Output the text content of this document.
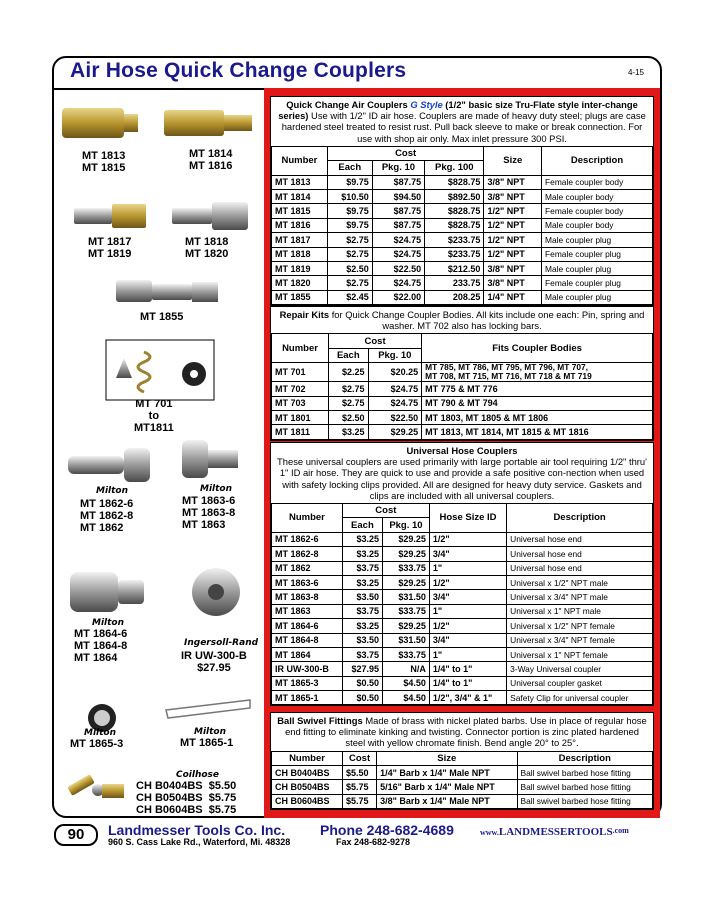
Air Hose Quick Change Couplers	4-15
MT 1813
MT 1815
MT 1814
MT 1816
MT 1817
MT 1819
MT 1818
MT 1820
MT 1855
MT 701
to
MT1811
Milton
MT 1862-6
MT 1862-8
MT 1862
Milton
MT 1863-6
MT 1863-8
MT 1863
Milton
MT 1864-6
MT 1864-8
MT 1864
Ingersoll-Rand
IR UW-300-B
$27.95
Milton
MT 1865-3
Milton
MT 1865-1
Coilhose
CH B0404BS  $5.50
CH B0504BS  $5.75
CH B0604BS  $5.75
Quick Change Air Couplers G Style (1/2" basic size Tru-Flate style inter-change series) Use with 1/2" ID air hose. Couplers are made of heavy duty steel; plugs are case hardened steel treated to resist rust. Pull back sleeve to make or break connection. For use with shop air only. Max inlet pressure 300 PSI.
Number	Cost			Size	Description
	Each	Pkg. 10	Pkg. 100		
MT 1813	$9.75	$87.75	$828.75	3/8" NPT	Female coupler body
MT 1814	$10.50	$94.50	$892.50	3/8" NPT	Male coupler body
MT 1815	$9.75	$87.75	$828.75	1/2" NPT	Female coupler body
MT 1816	$9.75	$87.75	$828.75	1/2" NPT	Male coupler body
MT 1817	$2.75	$24.75	$233.75	1/2" NPT	Male coupler plug
MT 1818	$2.75	$24.75	$233.75	1/2" NPT	Female coupler plug
MT 1819	$2.50	$22.50	$212.50	3/8" NPT	Male coupler plug
MT 1820	$2.75	$24.75	233.75	3/8" NPT	Female coupler plug
MT 1855	$2.45	$22.00	208.25	1/4" NPT	Male coupler plug
Repair Kits for Quick Change Coupler Bodies. All kits include one each: Pin, spring and washer. MT 702 also has locking bars.
Number	Cost		Fits Coupler Bodies
	Each	Pkg. 10	
MT 701	$2.25	$20.25	MT 785, MT 786, MT 795, MT 796, MT 707,
MT 708, MT 715, MT 716, MT 718 & MT 719
MT 702	$2.75	$24.75	MT 775 & MT 776
MT 703	$2.75	$24.75	MT 790 & MT 794
MT 1801	$2.50	$22.50	MT 1803, MT 1805 & MT 1806
MT 1811	$3.25	$29.25	MT 1813, MT 1814, MT 1815 & MT 1816
Universal Hose Couplers
These universal couplers are used primarily with large portable air tool requiring 1/2" thru' 1" ID air hose. They are quick to use and provide a safe positive con-nection when used with safety locking clips provided. All are designed for heavy duty service. Gaskets and clips are included with all universal couplers.
Number	Cost		Hose Size ID	Description
	Each	Pkg. 10		
MT 1862-6	$3.25	$29.25	1/2"	Universal hose end
MT 1862-8	$3.25	$29.25	3/4"	Universal hose end
MT 1862	$3.75	$33.75	1"	Universal hose end
MT 1863-6	$3.25	$29.25	1/2"	Universal x 1/2" NPT male
MT 1863-8	$3.50	$31.50	3/4"	Universal x 3/4" NPT male
MT 1863	$3.75	$33.75	1"	Universal x 1" NPT male
MT 1864-6	$3.25	$29.25	1/2"	Universal x 1/2" NPT female
MT 1864-8	$3.50	$31.50	3/4"	Universal x 3/4" NPT female
MT 1864	$3.75	$33.75	1"	Universal x 1" NPT female
IR UW-300-B	$27.95	N/A	1/4" to 1"	3-Way Universal coupler
MT 1865-3	$0.50	$4.50	1/4" to 1"	Universal coupler gasket
MT 1865-1	$0.50	$4.50	1/2", 3/4" & 1"	Safety Clip for universal coupler
Ball Swivel Fittings Made of brass with nickel plated barbs. Use in place of regular hose end fitting to eliminate kinking and twisting. Connector portion is zinc plated hardened steel with yellow chromate finish. Bend angle 20° to 25°.
Number	Cost	Size	Description
CH B0404BS	$5.50	1/4" Barb x 1/4" Male NPT	Ball swivel barbed hose fitting
CH B0504BS	$5.75	5/16" Barb x 1/4" Male NPT	Ball swivel barbed hose fitting
CH B0604BS	$5.75	3/8" Barb x 1/4" Male NPT	Ball swivel barbed hose fitting
90	Landmesser Tools Co. Inc.
960 S. Cass Lake Rd., Waterford, Mi. 48328
Phone 248-682-4689
Fax 248-682-9278
$www.LANDMESSERTOOLS^{.com}$
